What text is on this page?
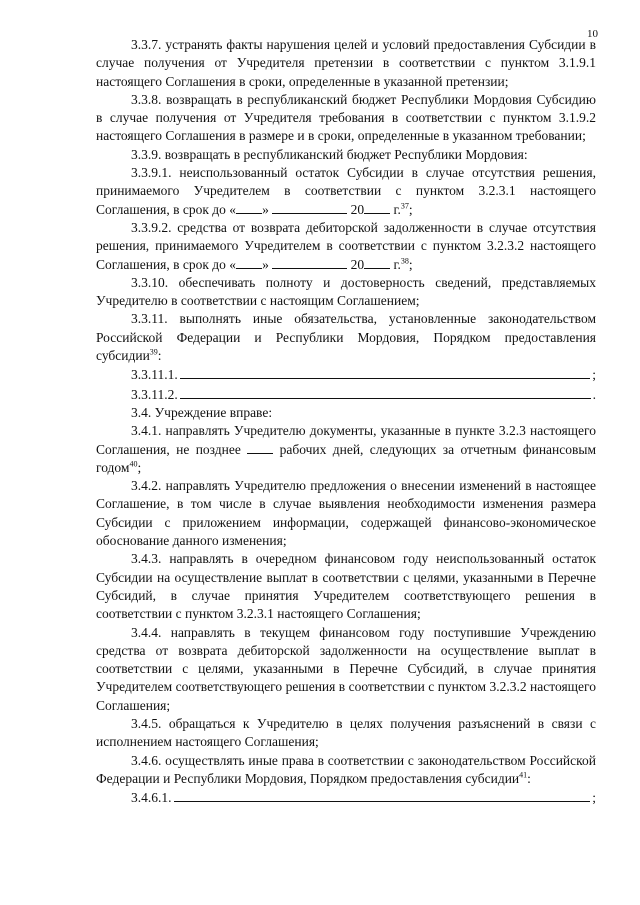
10

3.3.7. устранять факты нарушения целей и условий предоставления Субсидии в случае получения от Учредителя претензии в соответствии с пунктом 3.1.9.1 настоящего Соглашения в сроки, определенные в указанной претензии;

3.3.8. возвращать в республиканский бюджет Республики Мордовия Субсидию в случае получения от Учредителя требования в соответствии с пунктом 3.1.9.2 настоящего Соглашения в размере и в сроки, определенные в указанном требовании;

3.3.9. возвращать в республиканский бюджет Республики Мордовия:

3.3.9.1. неиспользованный остаток Субсидии в случае отсутствия решения, принимаемого Учредителем в соответствии с пунктом 3.2.3.1 настоящего Соглашения, в срок до « »	20 г.$^{37}$;

3.3.9.2. средства от возврата дебиторской задолженности в случае отсутствия решения, принимаемого Учредителем в соответствии с пунктом 3.2.3.2 настоящего Соглашения, в срок до « »	20 г.$^{38}$;

3.3.10. обеспечивать полноту и достоверность сведений, представляемых Учредителю в соответствии с настоящим Соглашением;

3.3.11. выполнять иные обязательства, установленные законодательством Российской Федерации и Республики Мордовия, Порядком предоставления субсидии$^{39}$:

3.3.11.1.	;
3.3.11.2.	.

3.4. Учреждение вправе:

3.4.1. направлять Учредителю документы, указанные в пункте 3.2.3 настоящего Соглашения, не позднее  рабочих дней, следующих за отчетным финансовым годом$^{40}$;

3.4.2. направлять Учредителю предложения о внесении изменений в настоящее Соглашение, в том числе в случае выявления необходимости изменения размера Субсидии с приложением информации, содержащей финансово-экономическое обоснование данного изменения;

3.4.3. направлять в очередном финансовом году неиспользованный остаток Субсидии на осуществление выплат в соответствии с целями, указанными в Перечне Субсидий, в случае принятия Учредителем соответствующего решения в соответствии с пунктом 3.2.3.1 настоящего Соглашения;

3.4.4. направлять в текущем финансовом году поступившие Учреждению средства от возврата дебиторской задолженности на осуществление выплат в соответствии с целями, указанными в Перечне Субсидий, в случае принятия Учредителем соответствующего решения в соответствии с пунктом 3.2.3.2 настоящего Соглашения;

3.4.5. обращаться к Учредителю в целях получения разъяснений в связи с исполнением настоящего Соглашения;

3.4.6. осуществлять иные права в соответствии с законодательством Российской Федерации и Республики Мордовия, Порядком предоставления субсидии$^{41}$:

3.4.6.1.	;
